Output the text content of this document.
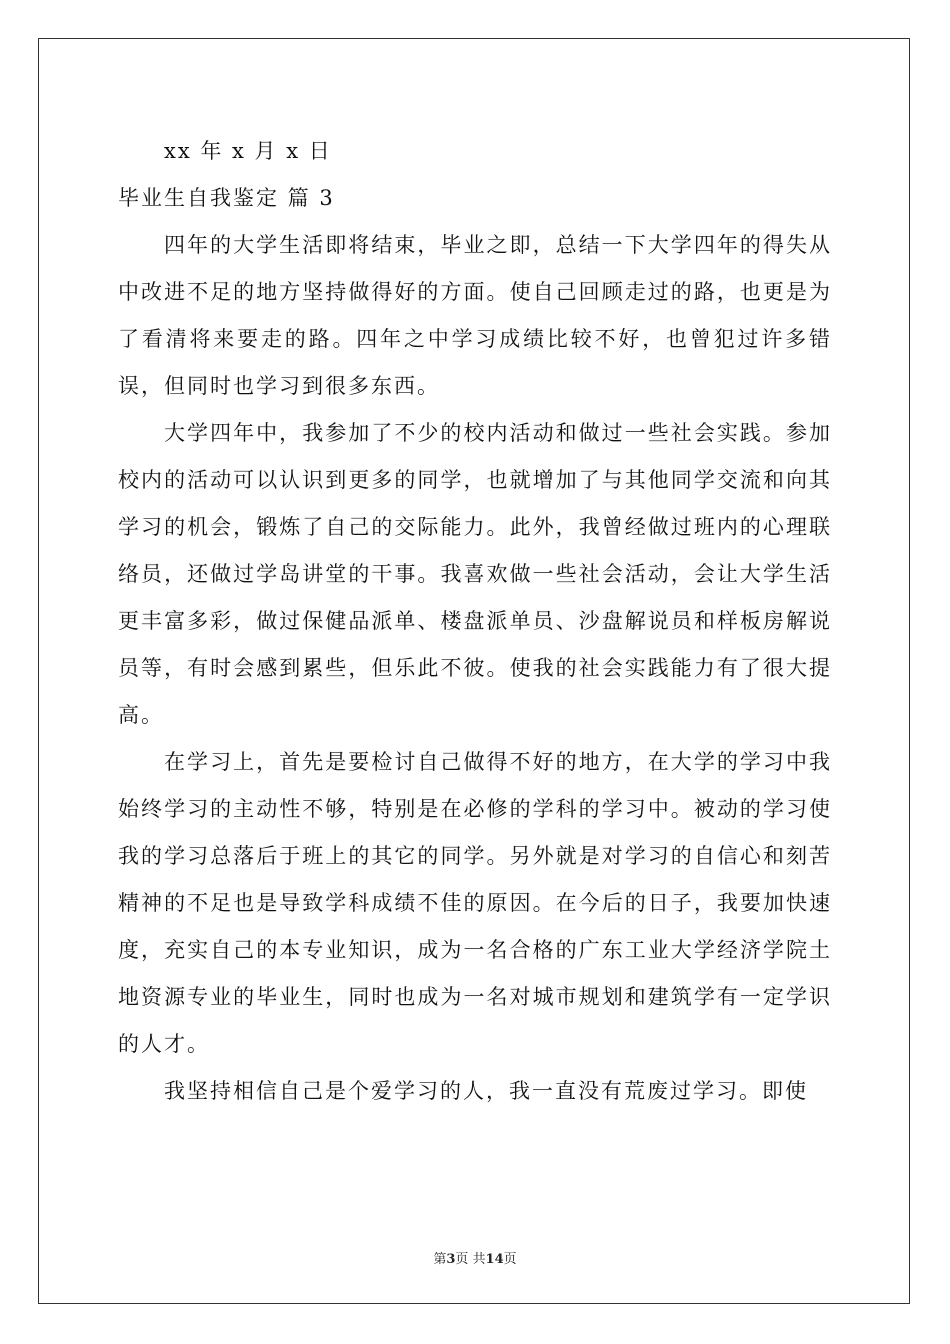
xx 年 x 月 x 日

毕业生自我鉴定 篇 3

四年的大学生活即将结束，毕业之即，总结一下大学四年的得失从中改进不足的地方坚持做得好的方面。使自己回顾走过的路，也更是为了看清将来要走的路。四年之中学习成绩比较不好，也曾犯过许多错误，但同时也学习到很多东西。

大学四年中，我参加了不少的校内活动和做过一些社会实践。参加校内的活动可以认识到更多的同学，也就增加了与其他同学交流和向其学习的机会，锻炼了自己的交际能力。此外，我曾经做过班内的心理联络员，还做过学岛讲堂的干事。我喜欢做一些社会活动，会让大学生活更丰富多彩，做过保健品派单、楼盘派单员、沙盘解说员和样板房解说员等，有时会感到累些，但乐此不彼。使我的社会实践能力有了很大提高。

在学习上，首先是要检讨自己做得不好的地方，在大学的学习中我始终学习的主动性不够，特别是在必修的学科的学习中。被动的学习使我的学习总落后于班上的其它的同学。另外就是对学习的自信心和刻苦精神的不足也是导致学科成绩不佳的原因。在今后的日子，我要加快速度，充实自己的本专业知识，成为一名合格的广东工业大学经济学院土地资源专业的毕业生，同时也成为一名对城市规划和建筑学有一定学识的人才。

我坚持相信自己是个爱学习的人，我一直没有荒废过学习。即使

第3页 共14页
